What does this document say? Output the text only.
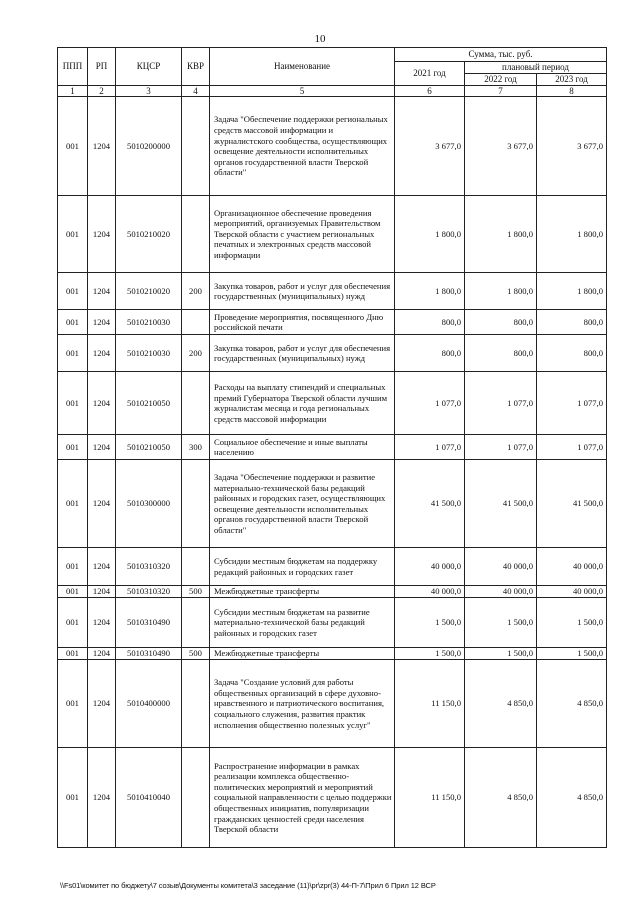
10
ППП	РП	КЦСР	КВР	Наименование	Сумма, тыс. руб.		
					2021 год	плановый период	
						2022 год	2023 год
1	2	3	4	5	6	7	8
001	1204	5010200000		Задача "Обеспечение поддержки региональных средств массовой информации и журналистского сообщества, осуществляющих освещение деятельности исполнительных органов государственной власти Тверской области"	3 677,0	3 677,0	3 677,0
001	1204	5010210020		Организационное обеспечение проведения мероприятий, организуемых Правительством Тверской области с участием региональных печатных и электронных средств массовой информации	1 800,0	1 800,0	1 800,0
001	1204	5010210020	200	Закупка товаров, работ и услуг для обеспечения государственных (муниципальных) нужд	1 800,0	1 800,0	1 800,0
001	1204	5010210030		Проведение мероприятия, посвященного Дню российской печати	800,0	800,0	800,0
001	1204	5010210030	200	Закупка товаров, работ и услуг для обеспечения государственных (муниципальных) нужд	800,0	800,0	800,0
001	1204	5010210050		Расходы на выплату стипендий и специальных премий Губернатора Тверской области лучшим журналистам месяца и года региональных средств массовой информации	1 077,0	1 077,0	1 077,0
001	1204	5010210050	300	Социальное обеспечение и иные выплаты населению	1 077,0	1 077,0	1 077,0
001	1204	5010300000		Задача "Обеспечение поддержки и развитие материально-технической базы редакций районных и городских газет, осуществляющих освещение деятельности исполнительных органов государственной власти Тверской области"	41 500,0	41 500,0	41 500,0
001	1204	5010310320		Субсидии местным бюджетам на поддержку редакций районных и городских газет	40 000,0	40 000,0	40 000,0
001	1204	5010310320	500	Межбюджетные трансферты	40 000,0	40 000,0	40 000,0
001	1204	5010310490		Субсидии местным бюджетам на развитие материально-технической базы редакций районных и городских газет	1 500,0	1 500,0	1 500,0
001	1204	5010310490	500	Межбюджетные трансферты	1 500,0	1 500,0	1 500,0
001	1204	5010400000		Задача "Создание условий для работы общественных организаций в сфере духовно-нравственного и патриотического воспитания, социального служения, развития практик исполнения общественно полезных услуг"	11 150,0	4 850,0	4 850,0
001	1204	5010410040		Распространение информации в рамках реализации комплекса общественно-политических мероприятий и мероприятий социальной направленности с целью поддержки общественных инициатив, популяризации гражданских ценностей среди населения Тверской области	11 150,0	4 850,0	4 850,0
\\Fs01\комитет по бюджету\7 созыв\Документы комитета\3 заседание (11)\pr\zpr(3) 44-П-7\Прил 6 Прил 12 ВСР
